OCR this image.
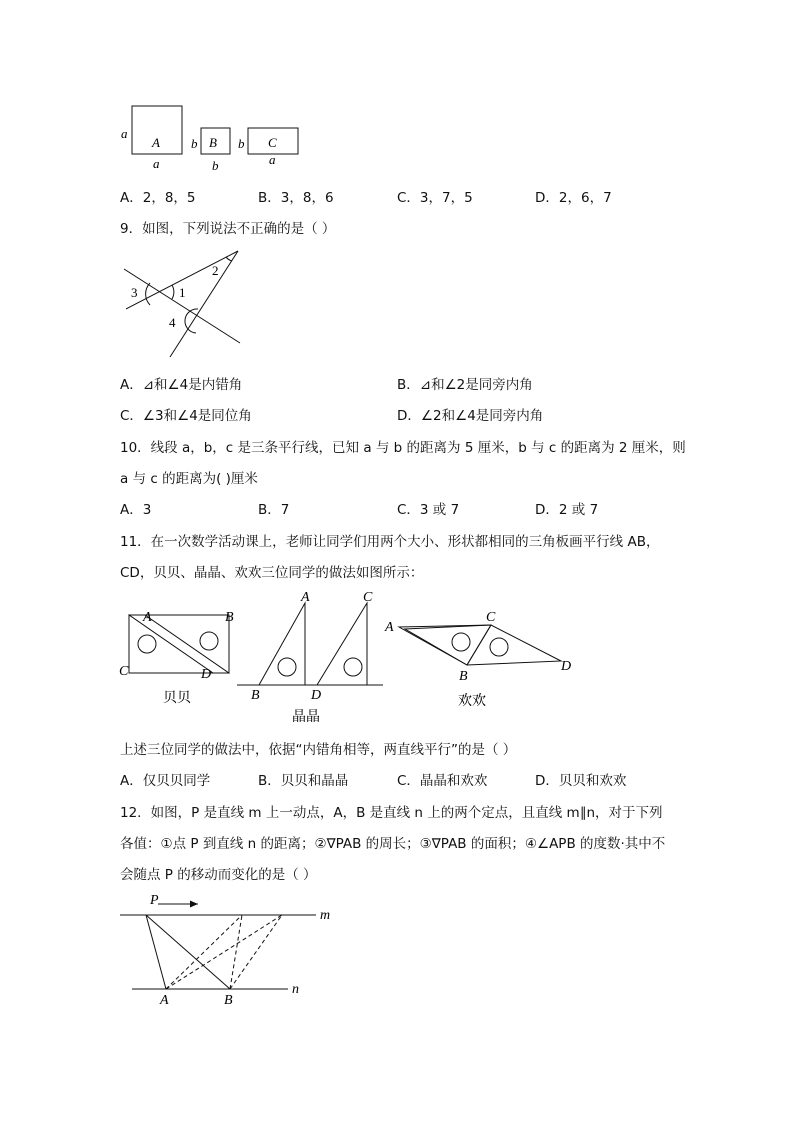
a
A
a
b B
b
b C
a
A．2，8，5	B．3，8，6	C．3，7，5	D．2，6，7
9．如图，下列说法不正确的是（ ）
1
2
3
4
A．⊿和∠4是内错角	B．⊿和∠2是同旁内角
C．∠3和∠4是同位角	D．∠2和∠4是同旁内角
10．线段 a，b，c 是三条平行线，已知 a 与 b 的距离为 5 厘米，b 与 c 的距离为 2 厘米，则
a 与 c 的距离为( )厘米
A．3	B．7	C．3 或 7	D．2 或 7
11．在一次数学活动课上，老师让同学们用两个大小、形状都相同的三角板画平行线 AB，
CD，贝贝、晶晶、欢欢三位同学的做法如图所示：
A	B
C	D
贝贝
A	C
B	D
晶晶
A
C
B
D
欢欢
上述三位同学的做法中，依据“内错角相等，两直线平行”的是（ ）
A．仅贝贝同学	B．贝贝和晶晶	C．晶晶和欢欢	D．贝贝和欢欢
12．如图，P 是直线 m 上一动点，A，B 是直线 n 上的两个定点，且直线 m∥n，对于下列
各值：①点 P 到直线 n 的距离；②∇PAB 的周长；③∇PAB 的面积；④∠APB 的度数·其中不
会随点 P 的移动而变化的是（ ）
P
m
n
A	B
